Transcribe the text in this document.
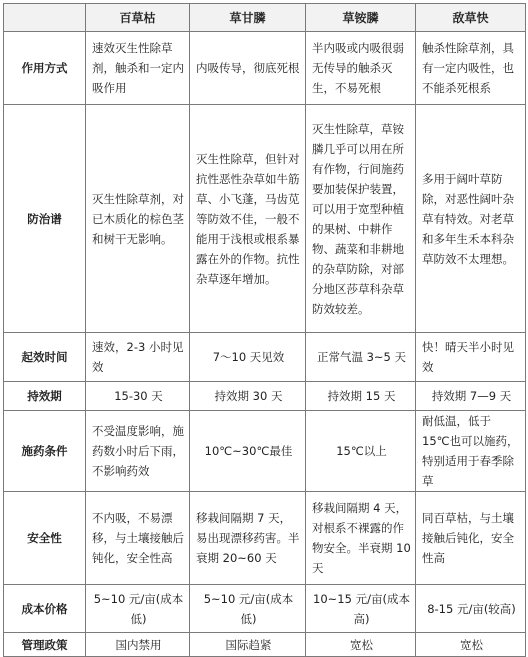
	百草枯	草甘膦	草铵膦	敌草快
作用方式	速效灭生性除草剂，触杀和一定内吸作用	内吸传导，彻底死根	半内吸或内吸很弱无传导的触杀灭生，不易死根	触杀性除草剂，具有一定内吸性，也不能杀死根系
防治谱	灭生性除草剂，对已木质化的棕色茎和树干无影响。	灭生性除草，但针对抗性恶性杂草如牛筋草、小飞蓬，马齿苋等防效不佳，一般不能用于浅根或根系暴露在外的作物。抗性杂草逐年增加。	灭生性除草，草铵膦几乎可以用在所有作物，行间施药要加装保护装置，可以用于宽型种植的果树、中耕作物、蔬菜和非耕地的杂草防除，对部分地区莎草科杂草防效较差。	多用于阔叶草防除，对恶性阔叶杂草有特效。对老草和多年生禾本科杂草防效不太理想。
起效时间	速效，2-3 小时见效	7～10 天见效	正常气温 3~5 天	快！晴天半小时见效
持效期	15-30 天	持效期 30 天	持效期 15 天	持效期 7—9 天
施药条件	不受温度影响，施药数小时后下雨，不影响药效	10℃~30℃最佳	15℃以上	耐低温，低于 15℃也可以施药，特别适用于春季除草
安全性	不内吸，不易漂移，与土壤接触后钝化，安全性高	移栽间隔期 7 天，易出现漂移药害。半衰期 20~60 天	移栽间隔期 4 天，对根系不裸露的作物安全。半衰期 10 天	同百草枯，与土壤接触后钝化，安全性高
成本价格	5~10 元/亩(成本低)	5~10 元/亩(成本低)	10~15 元/亩(成本高)	8-15 元/亩(较高)
管理政策	国内禁用	国际趋紧	宽松	宽松
